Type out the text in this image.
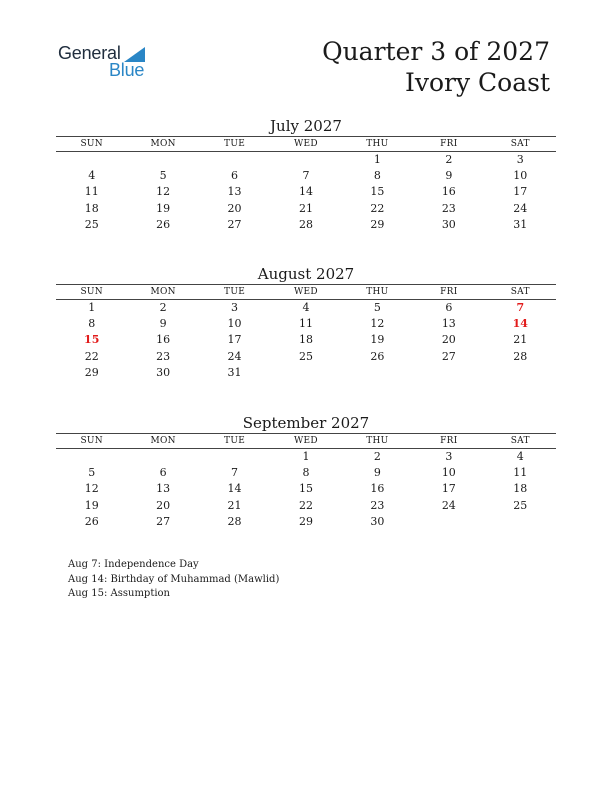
General
Blue
Quarter 3 of 2027
Ivory Coast
July 2027
SUN	MON	TUE	WED	THU	FRI	SAT
				1	2	3
4	5	6	7	8	9	10
11	12	13	14	15	16	17
18	19	20	21	22	23	24
25	26	27	28	29	30	31
August 2027
SUN	MON	TUE	WED	THU	FRI	SAT
1	2	3	4	5	6	7
8	9	10	11	12	13	14
15	16	17	18	19	20	21
22	23	24	25	26	27	28
29	30	31				
September 2027
SUN	MON	TUE	WED	THU	FRI	SAT
			1	2	3	4
5	6	7	8	9	10	11
12	13	14	15	16	17	18
19	20	21	22	23	24	25
26	27	28	29	30		
Aug 7: Independence Day
Aug 14: Birthday of Muhammad (Mawlid)
Aug 15: Assumption
